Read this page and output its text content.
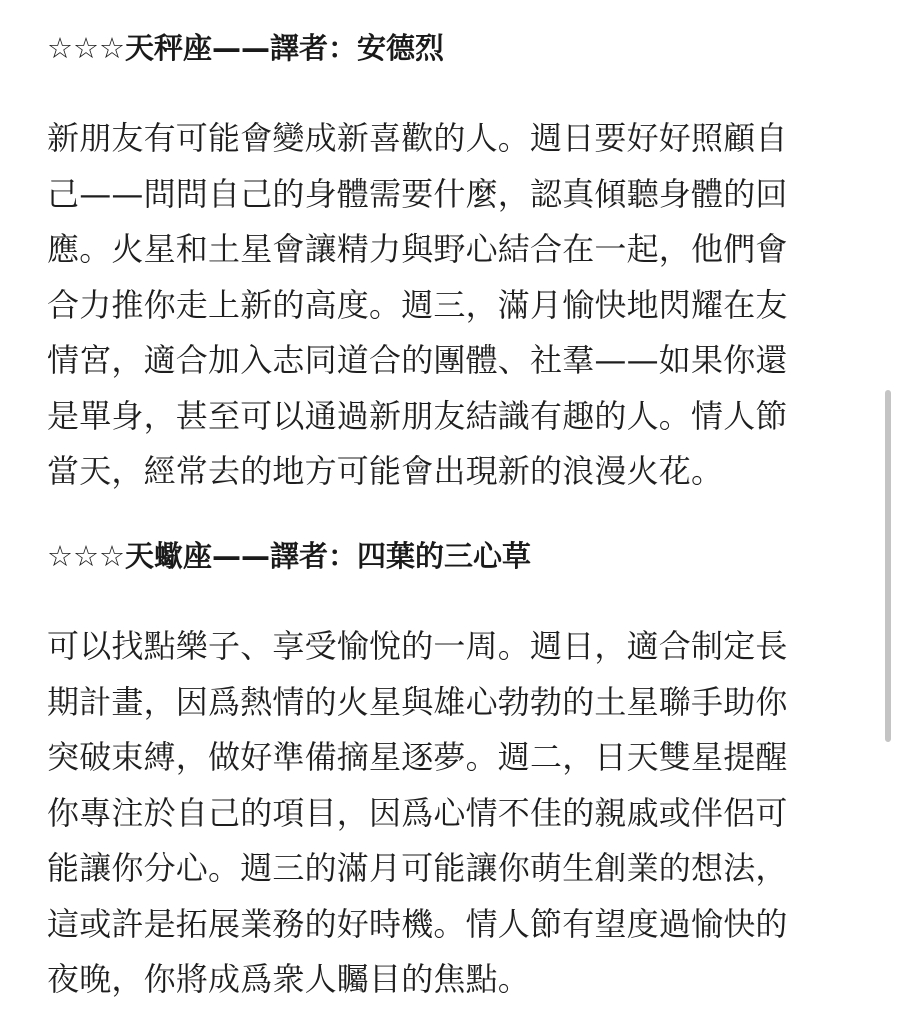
☆☆☆天秤座——譯者：安德烈
新朋友有可能會變成新喜歡的人。週日要好好照顧自
己——問問自己的身體需要什麼，認真傾聽身體的回
應。火星和土星會讓精力與野心結合在一起，他們會
合力推你走上新的高度。週三，滿月愉快地閃耀在友
情宮，適合加入志同道合的團體、社羣——如果你還
是單身，甚至可以通過新朋友結識有趣的人。情人節
當天，經常去的地方可能會出現新的浪漫火花。
☆☆☆天蠍座——譯者：四葉的三心草
可以找點樂子、享受愉悅的一周。週日，適合制定長
期計畫，因爲熱情的火星與雄心勃勃的土星聯手助你
突破束縛，做好準備摘星逐夢。週二，日天雙星提醒
你專注於自己的項目，因爲心情不佳的親戚或伴侶可
能讓你分心。週三的滿月可能讓你萌生創業的想法，
這或許是拓展業務的好時機。情人節有望度過愉快的
夜晚，你將成爲衆人矚目的焦點。
